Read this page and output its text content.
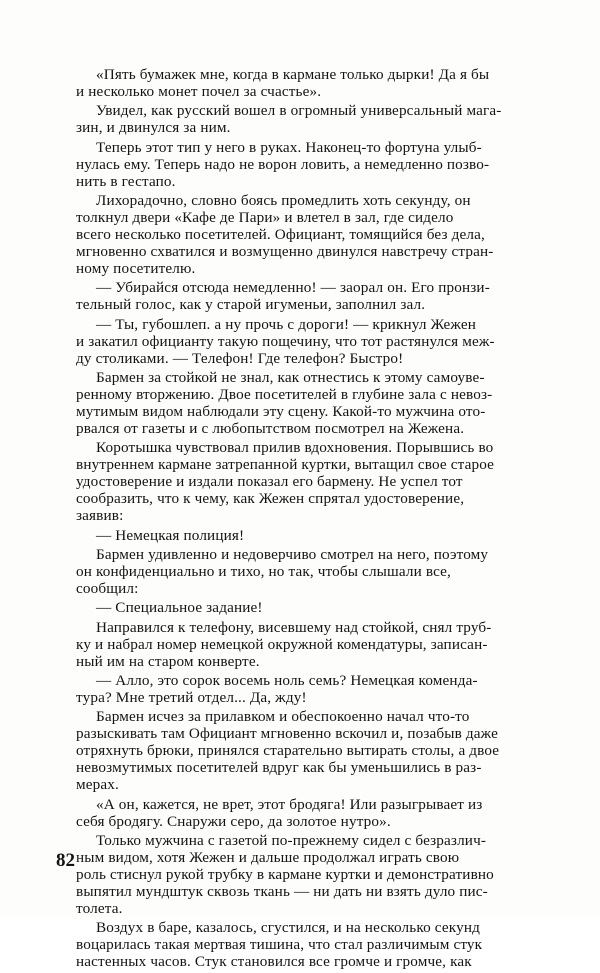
«Пять бумажек мне, когда в кармане только дырки! Да я бы
и несколько монет почел за счастье».
Увидел, как русский вошел в огромный универсальный мага-
зин, и двинулся за ним.
Теперь этот тип у него в руках. Наконец-то фортуна улыб-
нулась ему. Теперь надо не ворон ловить, а немедленно позво-
нить в гестапо.
Лихорадочно, словно боясь промедлить хоть секунду, он
толкнул двери «Кафе де Пари» и влетел в зал, где сидело
всего несколько посетителей. Официант, томящийся без дела,
мгновенно схватился и возмущенно двинулся навстречу стран-
ному посетителю.
— Убирайся отсюда немедленно! — заорал он. Его пронзи-
тельный голос, как у старой игуменьи, заполнил зал.
— Ты, губошлеп. а ну прочь с дороги! — крикнул Жежен
и закатил официанту такую пощечину, что тот растянулся меж-
ду столиками. — Телефон! Где телефон? Быстро!
Бармен за стойкой не знал, как отнестись к этому самоуве-
ренному вторжению. Двое посетителей в глубине зала с невоз-
мутимым видом наблюдали эту сцену. Какой-то мужчина ото-
рвался от газеты и с любопытством посмотрел на Жежена.
Коротышка чувствовал прилив вдохновения. Порывшись во
внутреннем кармане затрепанной куртки, вытащил свое старое
удостоверение и издали показал его бармену. Не успел тот
сообразить, что к чему, как Жежен спрятал удостоверение,
заявив:
— Немецкая полиция!
Бармен удивленно и недоверчиво смотрел на него, поэтому
он конфиденциально и тихо, но так, чтобы слышали все,
сообщил:
— Специальное задание!
Направился к телефону, висевшему над стойкой, снял труб-
ку и набрал номер немецкой окружной комендатуры, записан-
ный им на старом конверте.
— Алло, это сорок восемь ноль семь? Немецкая коменда-
тура? Мне третий отдел... Да, жду!
Бармен исчез за прилавком и обеспокоенно начал что-то
разыскивать там Официант мгновенно вскочил и, позабыв даже
отряхнуть брюки, принялся старательно вытирать столы, а двое
невозмутимых посетителей вдруг как бы уменьшились в раз-
мерах.
«А он, кажется, не врет, этот бродяга! Или разыгрывает из
себя бродягу. Снаружи серо, да золотое нутро».
Только мужчина с газетой по-прежнему сидел с безразлич-
ным видом, хотя Жежен и дальше продолжал играть свою
роль стиснул рукой трубку в кармане куртки и демонстративно
выпятил мундштук сквозь ткань — ни дать ни взять дуло пис-
толета.
Воздух в баре, казалось, сгустился, и на несколько секунд
воцарилась такая мертвая тишина, что стал различимым стук
настенных часов. Стук становился все громче и громче, как
82
